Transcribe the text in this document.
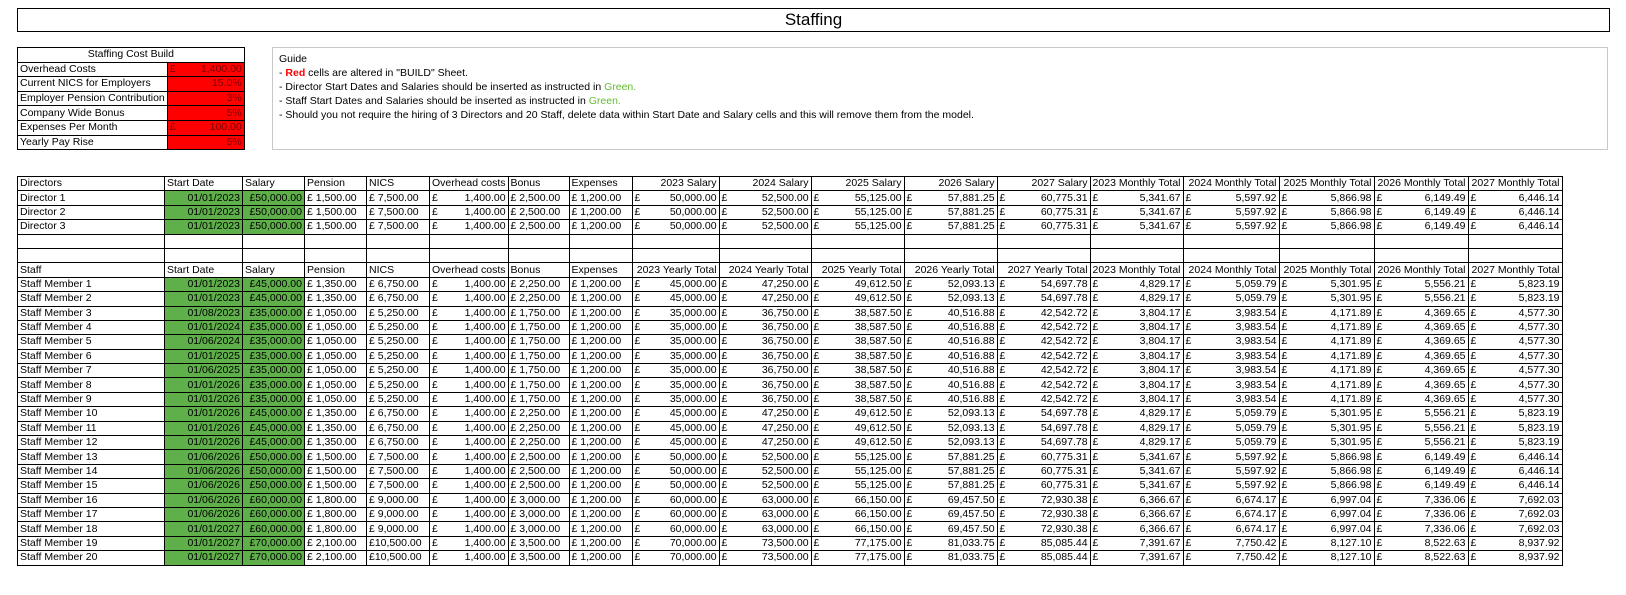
Staffing
Staffing Cost Build	
Overhead Costs	£ 1,400.00

Current NICS for Employers	15.0%

Employer Pension Contribution	3%

Company Wide Bonus	5%

Expenses Per Month	£ 100.00

Yearly Pay Rise	5%
Guide
- Red cells are altered in "BUILD" Sheet.
- Director Start Dates and Salaries should be inserted as instructed in Green.
- Staff Start Dates and Salaries should be inserted as instructed in Green.
- Should you not require the hiring of 3 Directors and 20 Staff, delete data within Start Date and Salary cells and this will remove them from the model.
Directors	Start Date	Salary	Pension	NICS	Overhead costs	Bonus	Expenses	2023 Salary	2024 Salary	2025 Salary	2026 Salary	2027 Salary	2023 Monthly Total	2024 Monthly Total	2025 Monthly Total	2026 Monthly Total	2027 Monthly Total
Director 1	01/01/2023	£50,000.00	£ 1,500.00	£ 7,500.00	£ 1,400.00	£ 2,500.00	£ 1,200.00	£ 50,000.00	£ 52,500.00	£ 55,125.00	£ 57,881.25	£ 60,775.31	£ 5,341.67	£ 5,597.92	£ 5,866.98	£ 6,149.49	£ 6,446.14

Director 2	01/01/2023	£50,000.00	£ 1,500.00	£ 7,500.00	£ 1,400.00	£ 2,500.00	£ 1,200.00	£ 50,000.00	£ 52,500.00	£ 55,125.00	£ 57,881.25	£ 60,775.31	£ 5,341.67	£ 5,597.92	£ 5,866.98	£ 6,149.49	£ 6,446.14

Director 3	01/01/2023	£50,000.00	£ 1,500.00	£ 7,500.00	£ 1,400.00	£ 2,500.00	£ 1,200.00	£ 50,000.00	£ 52,500.00	£ 55,125.00	£ 57,881.25	£ 60,775.31	£ 5,341.67	£ 5,597.92	£ 5,866.98	£ 6,149.49	£ 6,446.14

Staff	Start Date	Salary	Pension	NICS	Overhead costs	Bonus	Expenses	2023 Yearly Total	2024 Yearly Total	2025 Yearly Total	2026 Yearly Total	2027 Yearly Total	2023 Monthly Total	2024 Monthly Total	2025 Monthly Total	2026 Monthly Total	2027 Monthly Total
Staff Member 1	01/01/2023	£45,000.00	£ 1,350.00	£ 6,750.00	£ 1,400.00	£ 2,250.00	£ 1,200.00	£ 45,000.00	£ 47,250.00	£ 49,612.50	£ 52,093.13	£ 54,697.78	£ 4,829.17	£ 5,059.79	£ 5,301.95	£ 5,556.21	£ 5,823.19

Staff Member 2	01/01/2023	£45,000.00	£ 1,350.00	£ 6,750.00	£ 1,400.00	£ 2,250.00	£ 1,200.00	£ 45,000.00	£ 47,250.00	£ 49,612.50	£ 52,093.13	£ 54,697.78	£ 4,829.17	£ 5,059.79	£ 5,301.95	£ 5,556.21	£ 5,823.19

Staff Member 3	01/08/2023	£35,000.00	£ 1,050.00	£ 5,250.00	£ 1,400.00	£ 1,750.00	£ 1,200.00	£ 35,000.00	£ 36,750.00	£ 38,587.50	£ 40,516.88	£ 42,542.72	£ 3,804.17	£ 3,983.54	£ 4,171.89	£ 4,369.65	£ 4,577.30

Staff Member 4	01/01/2024	£35,000.00	£ 1,050.00	£ 5,250.00	£ 1,400.00	£ 1,750.00	£ 1,200.00	£ 35,000.00	£ 36,750.00	£ 38,587.50	£ 40,516.88	£ 42,542.72	£ 3,804.17	£ 3,983.54	£ 4,171.89	£ 4,369.65	£ 4,577.30

Staff Member 5	01/06/2024	£35,000.00	£ 1,050.00	£ 5,250.00	£ 1,400.00	£ 1,750.00	£ 1,200.00	£ 35,000.00	£ 36,750.00	£ 38,587.50	£ 40,516.88	£ 42,542.72	£ 3,804.17	£ 3,983.54	£ 4,171.89	£ 4,369.65	£ 4,577.30

Staff Member 6	01/01/2025	£35,000.00	£ 1,050.00	£ 5,250.00	£ 1,400.00	£ 1,750.00	£ 1,200.00	£ 35,000.00	£ 36,750.00	£ 38,587.50	£ 40,516.88	£ 42,542.72	£ 3,804.17	£ 3,983.54	£ 4,171.89	£ 4,369.65	£ 4,577.30

Staff Member 7	01/06/2025	£35,000.00	£ 1,050.00	£ 5,250.00	£ 1,400.00	£ 1,750.00	£ 1,200.00	£ 35,000.00	£ 36,750.00	£ 38,587.50	£ 40,516.88	£ 42,542.72	£ 3,804.17	£ 3,983.54	£ 4,171.89	£ 4,369.65	£ 4,577.30

Staff Member 8	01/01/2026	£35,000.00	£ 1,050.00	£ 5,250.00	£ 1,400.00	£ 1,750.00	£ 1,200.00	£ 35,000.00	£ 36,750.00	£ 38,587.50	£ 40,516.88	£ 42,542.72	£ 3,804.17	£ 3,983.54	£ 4,171.89	£ 4,369.65	£ 4,577.30

Staff Member 9	01/01/2026	£35,000.00	£ 1,050.00	£ 5,250.00	£ 1,400.00	£ 1,750.00	£ 1,200.00	£ 35,000.00	£ 36,750.00	£ 38,587.50	£ 40,516.88	£ 42,542.72	£ 3,804.17	£ 3,983.54	£ 4,171.89	£ 4,369.65	£ 4,577.30

Staff Member 10	01/01/2026	£45,000.00	£ 1,350.00	£ 6,750.00	£ 1,400.00	£ 2,250.00	£ 1,200.00	£ 45,000.00	£ 47,250.00	£ 49,612.50	£ 52,093.13	£ 54,697.78	£ 4,829.17	£ 5,059.79	£ 5,301.95	£ 5,556.21	£ 5,823.19

Staff Member 11	01/01/2026	£45,000.00	£ 1,350.00	£ 6,750.00	£ 1,400.00	£ 2,250.00	£ 1,200.00	£ 45,000.00	£ 47,250.00	£ 49,612.50	£ 52,093.13	£ 54,697.78	£ 4,829.17	£ 5,059.79	£ 5,301.95	£ 5,556.21	£ 5,823.19

Staff Member 12	01/01/2026	£45,000.00	£ 1,350.00	£ 6,750.00	£ 1,400.00	£ 2,250.00	£ 1,200.00	£ 45,000.00	£ 47,250.00	£ 49,612.50	£ 52,093.13	£ 54,697.78	£ 4,829.17	£ 5,059.79	£ 5,301.95	£ 5,556.21	£ 5,823.19

Staff Member 13	01/06/2026	£50,000.00	£ 1,500.00	£ 7,500.00	£ 1,400.00	£ 2,500.00	£ 1,200.00	£ 50,000.00	£ 52,500.00	£ 55,125.00	£ 57,881.25	£ 60,775.31	£ 5,341.67	£ 5,597.92	£ 5,866.98	£ 6,149.49	£ 6,446.14

Staff Member 14	01/06/2026	£50,000.00	£ 1,500.00	£ 7,500.00	£ 1,400.00	£ 2,500.00	£ 1,200.00	£ 50,000.00	£ 52,500.00	£ 55,125.00	£ 57,881.25	£ 60,775.31	£ 5,341.67	£ 5,597.92	£ 5,866.98	£ 6,149.49	£ 6,446.14

Staff Member 15	01/06/2026	£50,000.00	£ 1,500.00	£ 7,500.00	£ 1,400.00	£ 2,500.00	£ 1,200.00	£ 50,000.00	£ 52,500.00	£ 55,125.00	£ 57,881.25	£ 60,775.31	£ 5,341.67	£ 5,597.92	£ 5,866.98	£ 6,149.49	£ 6,446.14

Staff Member 16	01/06/2026	£60,000.00	£ 1,800.00	£ 9,000.00	£ 1,400.00	£ 3,000.00	£ 1,200.00	£ 60,000.00	£ 63,000.00	£ 66,150.00	£ 69,457.50	£ 72,930.38	£ 6,366.67	£ 6,674.17	£ 6,997.04	£ 7,336.06	£ 7,692.03

Staff Member 17	01/06/2026	£60,000.00	£ 1,800.00	£ 9,000.00	£ 1,400.00	£ 3,000.00	£ 1,200.00	£ 60,000.00	£ 63,000.00	£ 66,150.00	£ 69,457.50	£ 72,930.38	£ 6,366.67	£ 6,674.17	£ 6,997.04	£ 7,336.06	£ 7,692.03

Staff Member 18	01/01/2027	£60,000.00	£ 1,800.00	£ 9,000.00	£ 1,400.00	£ 3,000.00	£ 1,200.00	£ 60,000.00	£ 63,000.00	£ 66,150.00	£ 69,457.50	£ 72,930.38	£ 6,366.67	£ 6,674.17	£ 6,997.04	£ 7,336.06	£ 7,692.03

Staff Member 19	01/01/2027	£70,000.00	£ 2,100.00	£10,500.00	£ 1,400.00	£ 3,500.00	£ 1,200.00	£ 70,000.00	£ 73,500.00	£ 77,175.00	£ 81,033.75	£ 85,085.44	£ 7,391.67	£ 7,750.42	£ 8,127.10	£ 8,522.63	£ 8,937.92

Staff Member 20	01/01/2027	£70,000.00	£ 2,100.00	£10,500.00	£ 1,400.00	£ 3,500.00	£ 1,200.00	£ 70,000.00	£ 73,500.00	£ 77,175.00	£ 81,033.75	£ 85,085.44	£ 7,391.67	£ 7,750.42	£ 8,127.10	£ 8,522.63	£ 8,937.92
